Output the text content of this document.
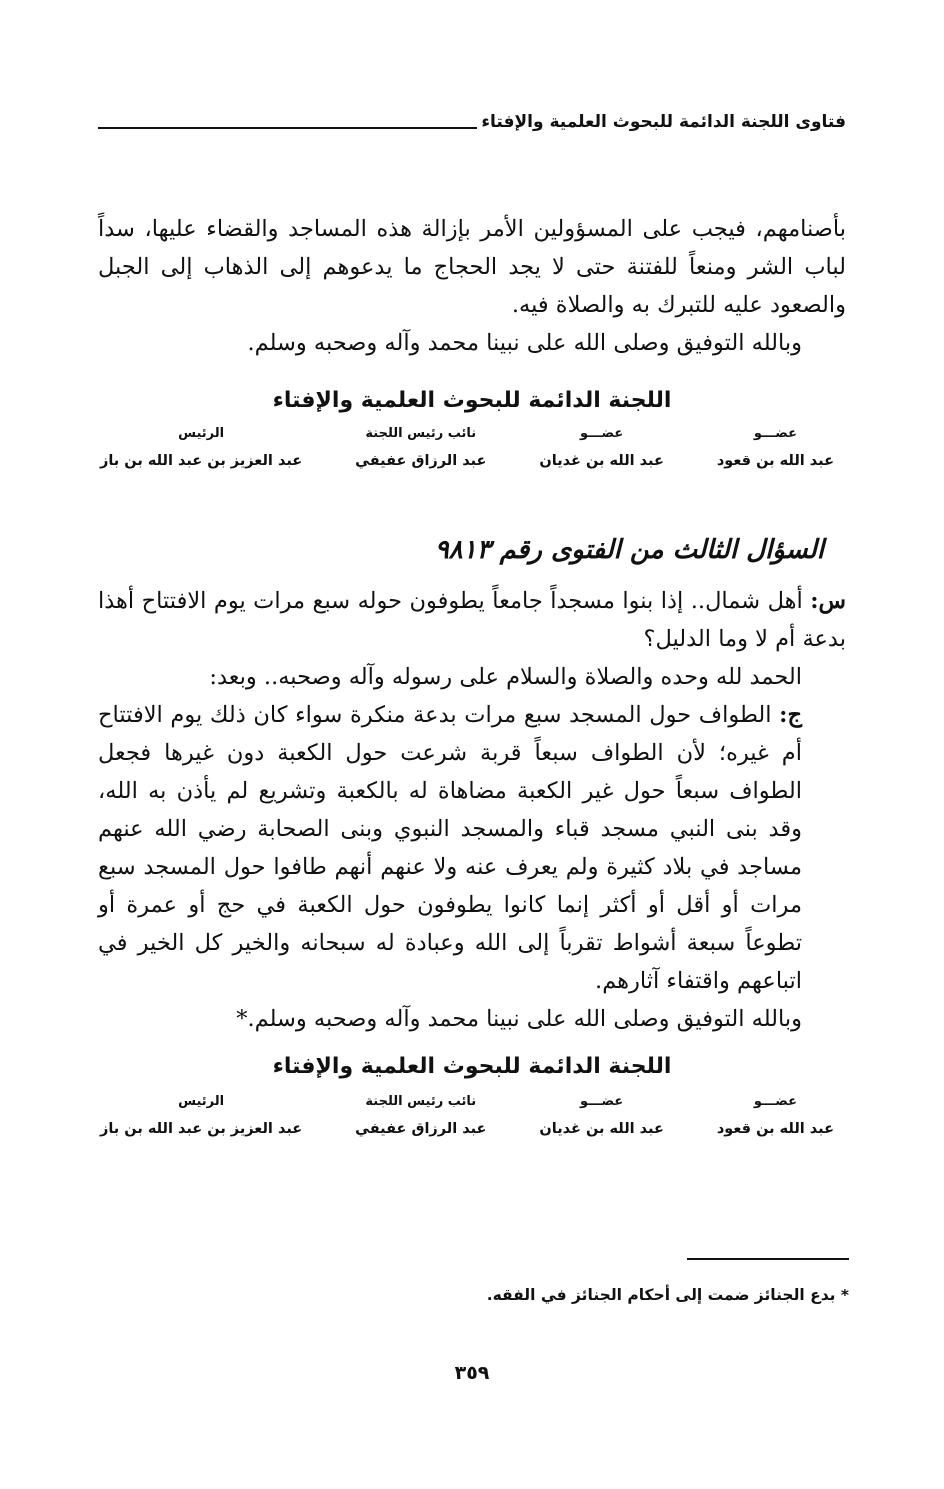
فتاوى اللجنة الدائمة للبحوث العلمية والإفتاء

بأصنامهم، فيجب على المسؤولين الأمر بإزالة هذه المساجد والقضاء عليها، سداً لباب الشر ومنعاً للفتنة حتى لا يجد الحجاج ما يدعوهم إلى الذهاب إلى الجبل والصعود عليه للتبرك به والصلاة فيه.

وبالله التوفيق وصلى الله على نبينا محمد وآله وصحبه وسلم.

اللجنة الدائمة للبحوث العلمية والإفتاء
عضـــو
عبد الله بن قعود
عضـــو
عبد الله بن غديان
نائب رئيس اللجنة
عبد الرزاق عفيفي
الرئيس
عبد العزيز بن عبد الله بن باز
السؤال الثالث من الفتوى رقم ٩٨١٣

س: أهل شمال.. إذا بنوا مسجداً جامعاً يطوفون حوله سبع مرات يوم الافتتاح أهذا بدعة أم لا وما الدليل؟

الحمد لله وحده والصلاة والسلام على رسوله وآله وصحبه.. وبعد:

ج: الطواف حول المسجد سبع مرات بدعة منكرة سواء كان ذلك يوم الافتتاح أم غيره؛ لأن الطواف سبعاً قربة شرعت حول الكعبة دون غيرها فجعل الطواف سبعاً حول غير الكعبة مضاهاة له بالكعبة وتشريع لم يأذن به الله، وقد بنى النبي مسجد قباء والمسجد النبوي وبنى الصحابة رضي الله عنهم مساجد في بلاد كثيرة ولم يعرف عنه ولا عنهم أنهم طافوا حول المسجد سبع مرات أو أقل أو أكثر إنما كانوا يطوفون حول الكعبة في حج أو عمرة أو تطوعاً سبعة أشواط تقرباً إلى الله وعبادة له سبحانه والخير كل الخير في اتباعهم واقتفاء آثارهم.

وبالله التوفيق وصلى الله على نبينا محمد وآله وصحبه وسلم.*

اللجنة الدائمة للبحوث العلمية والإفتاء
عضـــو
عبد الله بن قعود
عضـــو
عبد الله بن غديان
نائب رئيس اللجنة
عبد الرزاق عفيفي
الرئيس
عبد العزيز بن عبد الله بن باز
* بدع الجنائز ضمت إلى أحكام الجنائز في الفقه.
٣٥٩
